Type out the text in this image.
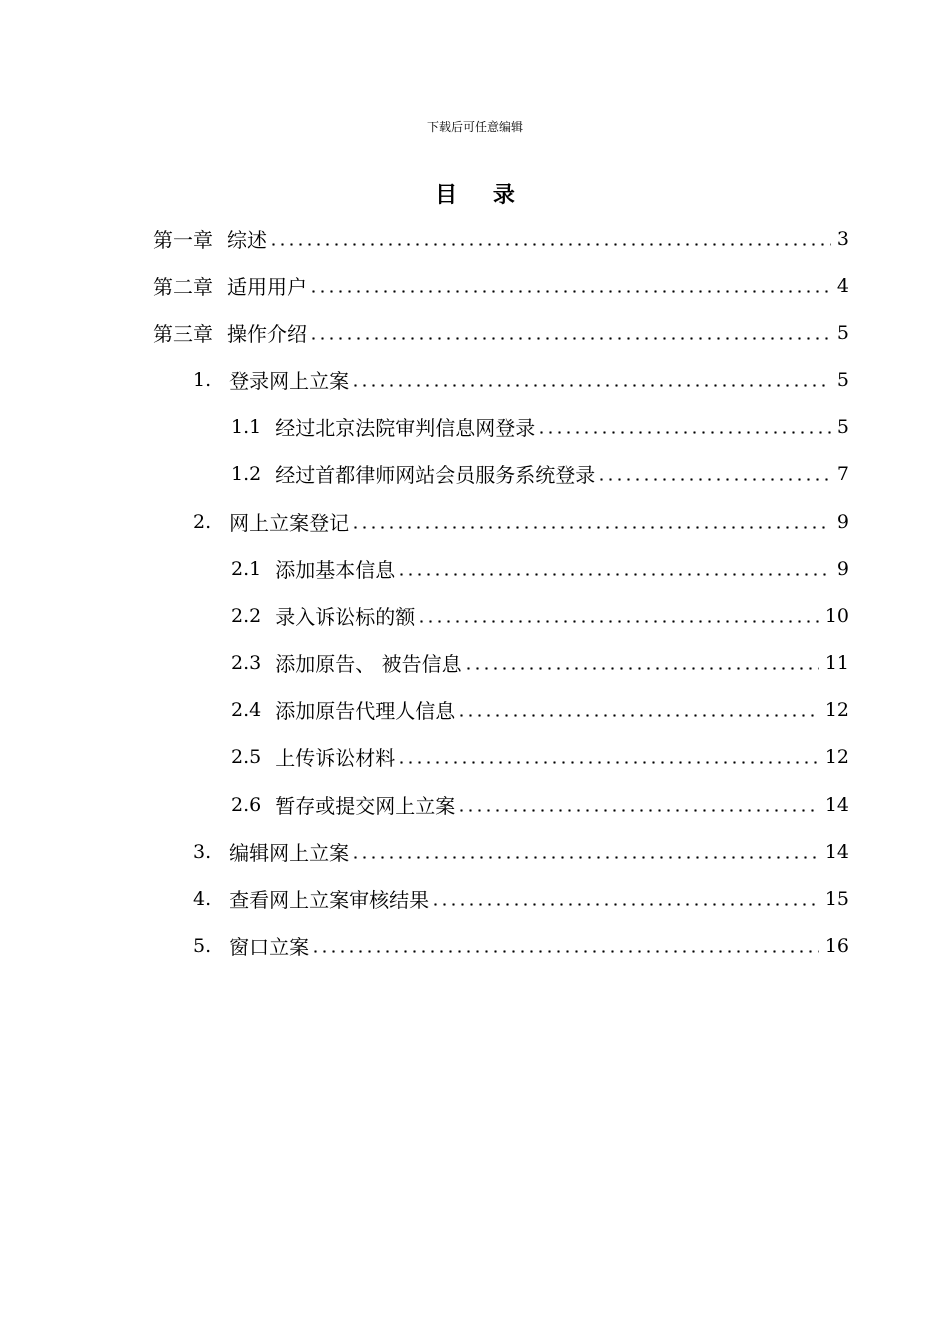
下载后可任意编辑
目 录
第一章 综述	3
第二章 适用用户	4
第三章 操作介绍	5
1. 登录网上立案	5
1.1 经过北京法院审判信息网登录	5
1.2 经过首都律师网站会员服务系统登录	7
2. 网上立案登记	9
2.1 添加基本信息	9
2.2 录入诉讼标的额	10
2.3 添加原告、 被告信息	11
2.4 添加原告代理人信息	12
2.5 上传诉讼材料	12
2.6 暂存或提交网上立案	14
3. 编辑网上立案	14
4. 查看网上立案审核结果	15
5. 窗口立案	16
